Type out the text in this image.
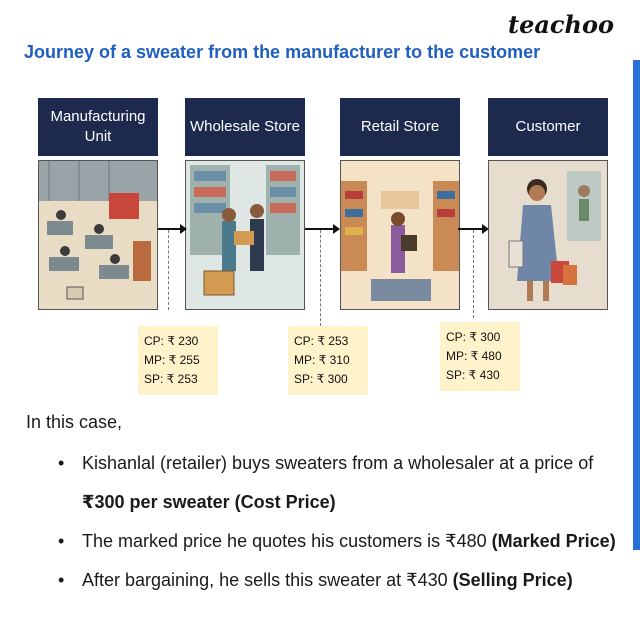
teachoo
Journey of a sweater from the manufacturer to the customer
Manufacturing Unit
Wholesale Store	Retail Store	Customer
CP: ₹ 230
MP: ₹ 255
SP: ₹ 253
CP: ₹ 253
MP: ₹ 310
SP: ₹ 300
CP: ₹ 300
MP: ₹ 480
SP: ₹ 430
In this case,
• Kishanlal (retailer) buys sweaters from a wholesaler at a price of ₹300 per sweater (Cost Price)
• The marked price he quotes his customers is ₹480 (Marked Price)
• After bargaining, he sells this sweater at ₹430 (Selling Price)
